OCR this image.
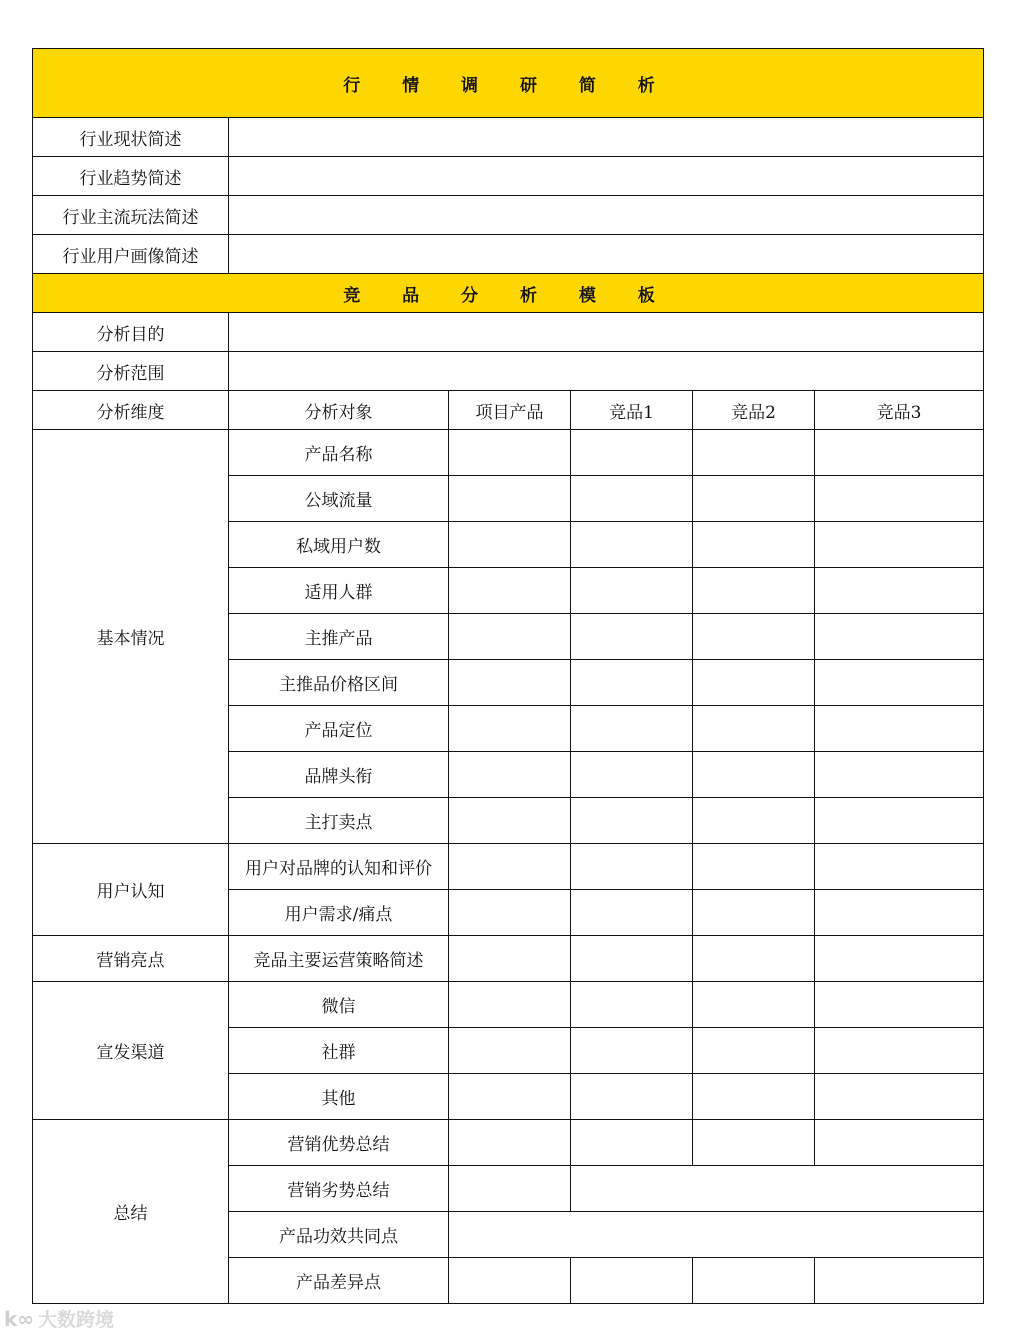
行 情 调 研 简 析					
行业现状简述					
行业趋势简述					
行业主流玩法简述					
行业用户画像简述					
竞 品 分 析 模 板					
分析目的					
分析范围					
分析维度	分析对象	项目产品	竞品1	竞品2	竞品3
基本情况	产品名称				
	公域流量				
	私域用户数				
	适用人群				
	主推产品				
	主推品价格区间				
	产品定位				
	品牌头衔				
	主打卖点				
用户认知	用户对品牌的认知和评价				
	用户需求/痛点				
营销亮点	竞品主要运营策略简述				
宣发渠道	微信				
	社群				
	其他				
总结	营销优势总结				
	营销劣势总结				
	产品功效共同点				
	产品差异点				
k∞ 大数跨境
